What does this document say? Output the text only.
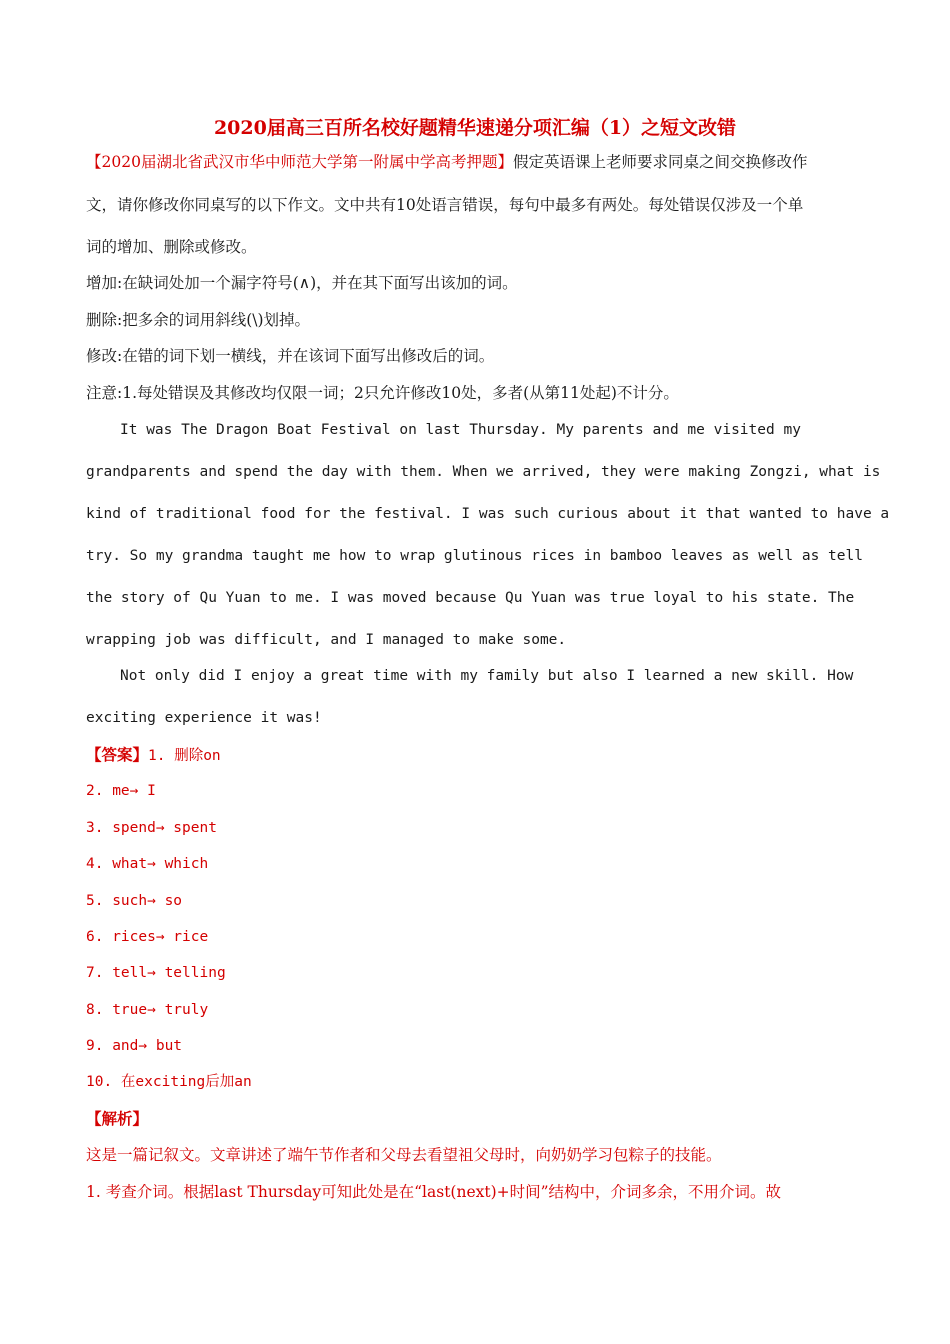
2020届高三百所名校好题精华速递分项汇编（1）之短文改错
【2020届湖北省武汉市华中师范大学第一附属中学高考押题】假定英语课上老师要求同桌之间交换修改作
文，请你修改你同桌写的以下作文。文中共有10处语言错误，每句中最多有两处。每处错误仅涉及一个单
词的增加、删除或修改。
增加:在缺词处加一个漏字符号(∧)，并在其下面写出该加的词。
删除:把多余的词用斜线(\)划掉。
修改:在错的词下划一横线，并在该词下面写出修改后的词。
注意:1.每处错误及其修改均仅限一词；2只允许修改10处，多者(从第11处起)不计分。
It was The Dragon Boat Festival on last Thursday. My parents and me visited my
grandparents and spend the day with them. When we arrived, they were making Zongzi, what is
kind of traditional food for the festival. I was such curious about it that wanted to have a
try. So my grandma taught me how to wrap glutinous rices in bamboo leaves as well as tell
the story of Qu Yuan to me. I was moved because Qu Yuan was true loyal to his state. The
wrapping job was difficult, and I managed to make some.
Not only did I enjoy a great time with my family but also I learned a new skill. How
exciting experience it was!
【答案】1. 删除on
2. me→ I
3. spend→ spent
4. what→ which
5. such→ so
6. rices→ rice
7. tell→ telling
8. true→ truly
9. and→ but
10. 在exciting后加an
【解析】
这是一篇记叙文。文章讲述了端午节作者和父母去看望祖父母时，向奶奶学习包粽子的技能。
1. 考查介词。根据last Thursday可知此处是在“last(next)+时间”结构中，介词多余，不用介词。故
